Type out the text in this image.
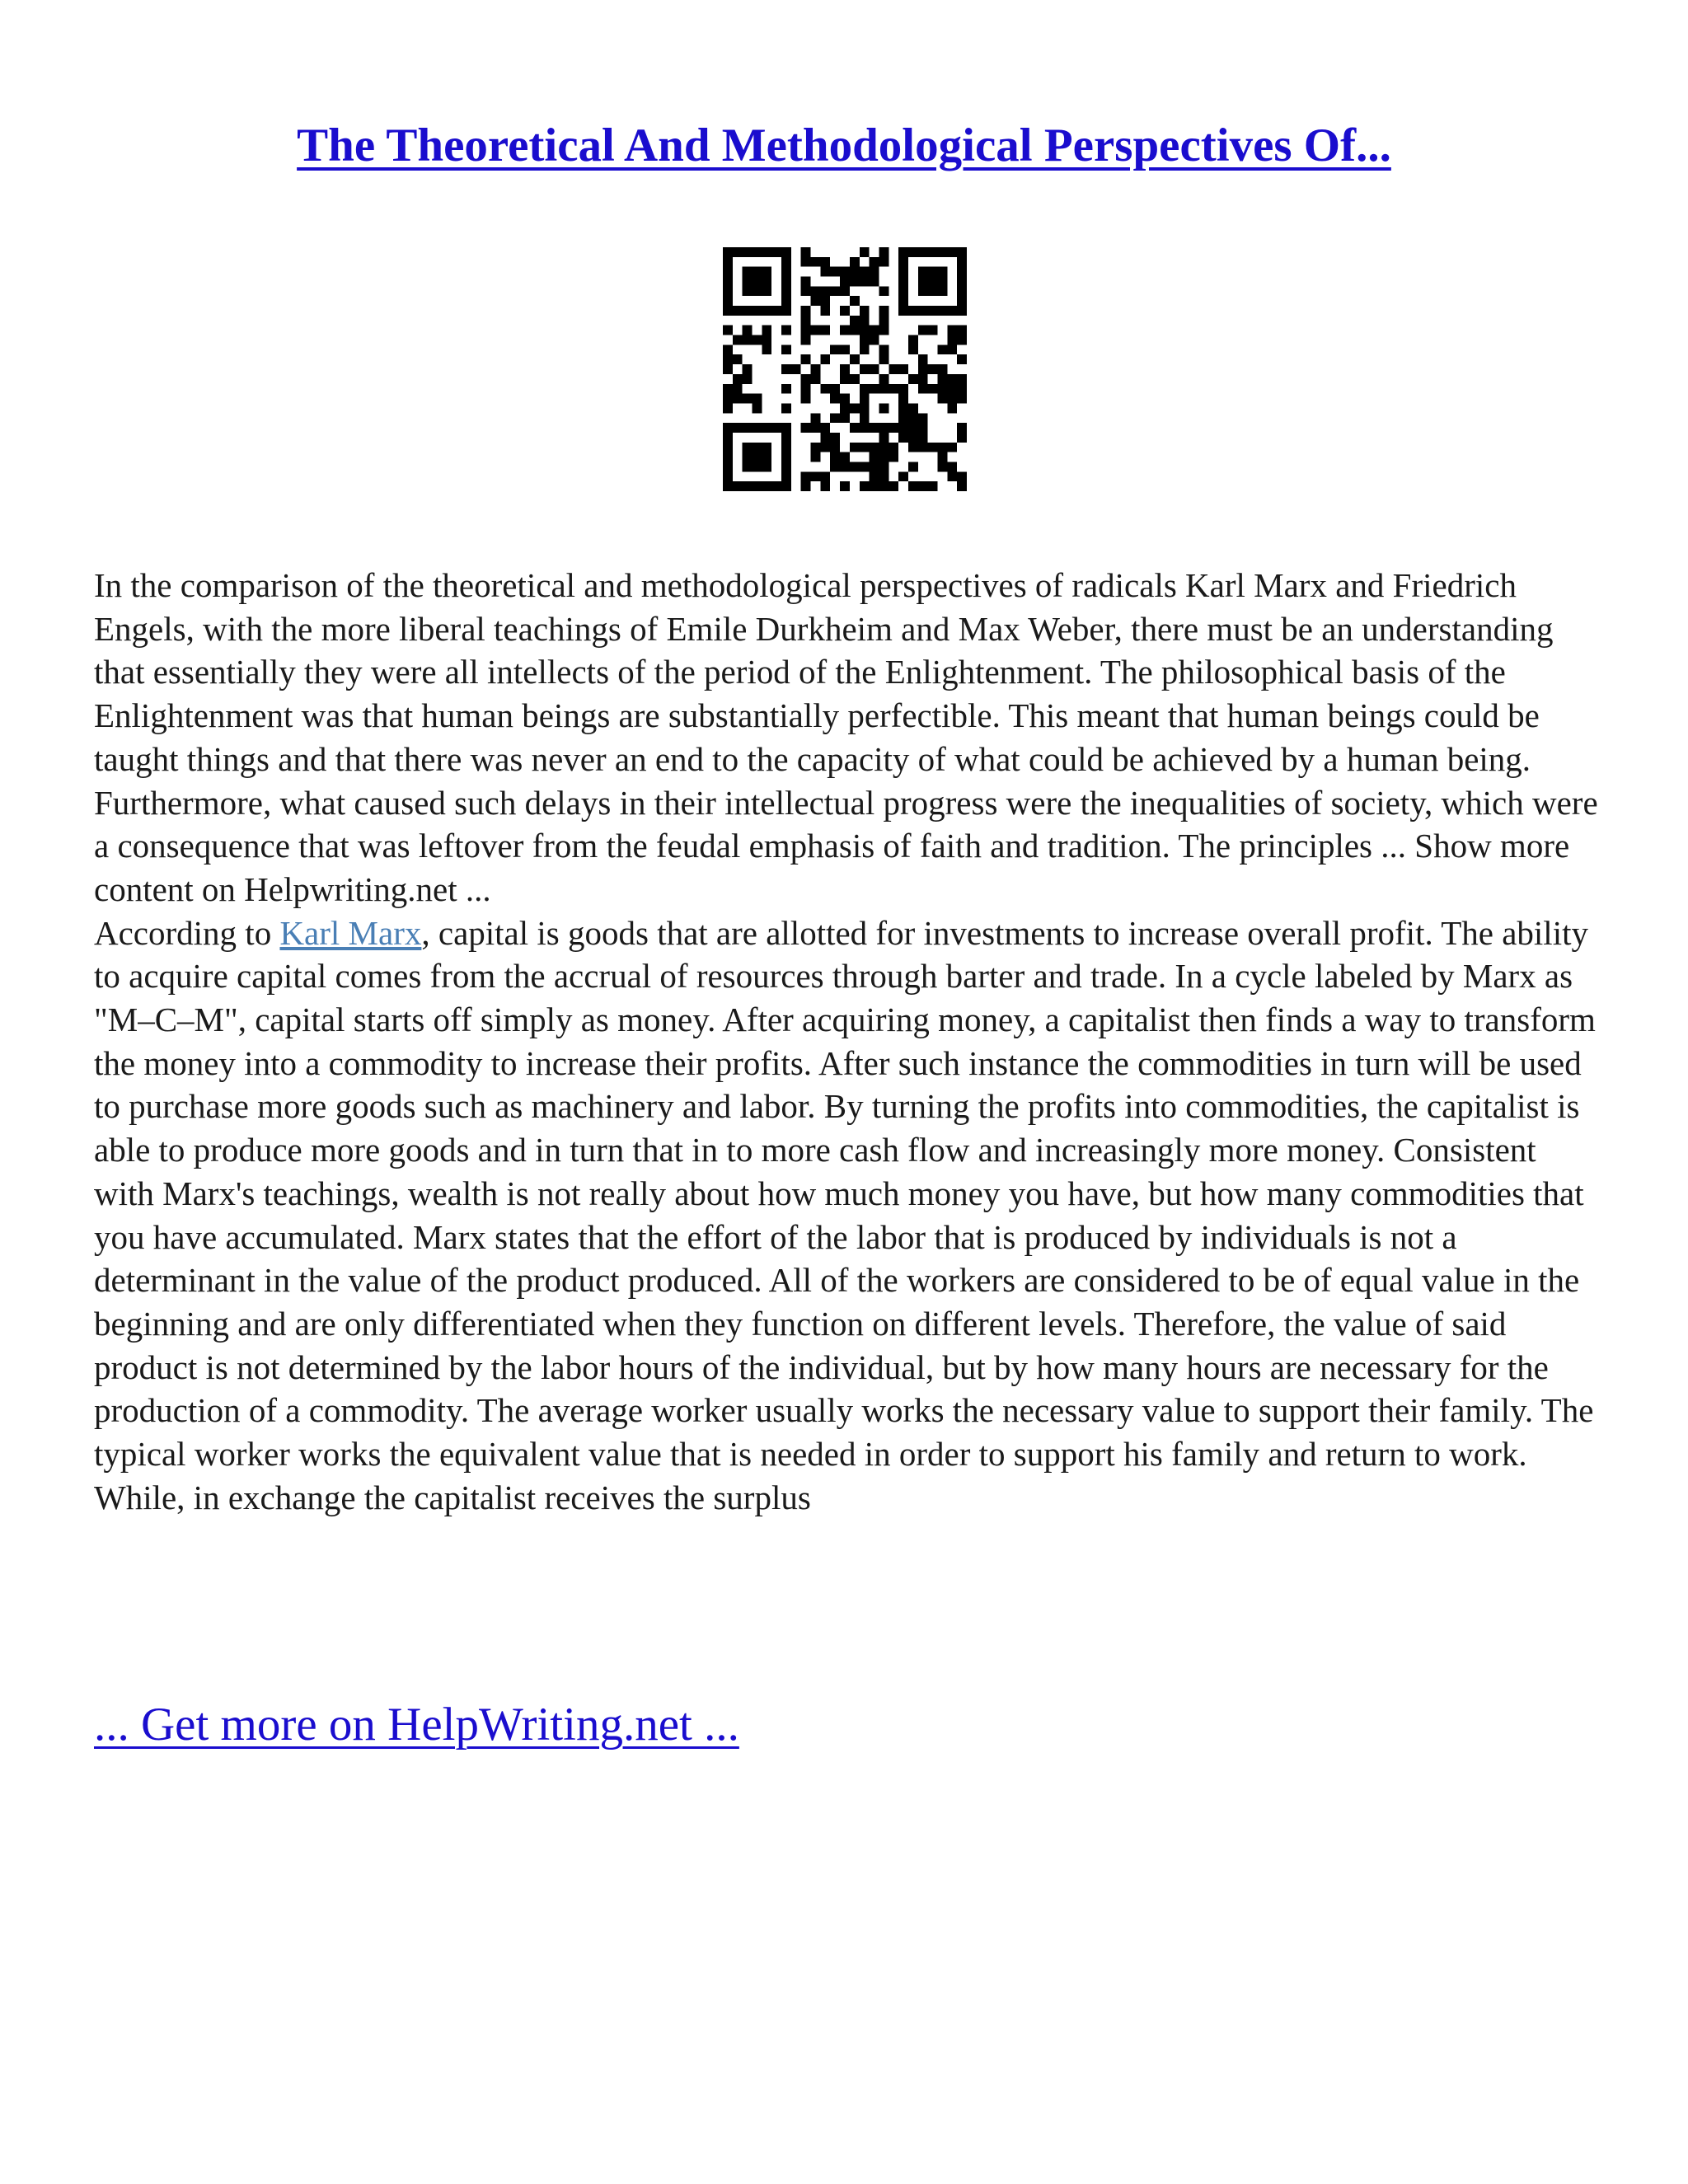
The Theoretical And Methodological Perspectives Of...

In the comparison of the theoretical and methodological perspectives of radicals Karl Marx and Friedrich Engels, with the more liberal teachings of Emile Durkheim and Max Weber, there must be an understanding that essentially they were all intellects of the period of the Enlightenment. The philosophical basis of the Enlightenment was that human beings are substantially perfectible. This meant that human beings could be taught things and that there was never an end to the capacity of what could be achieved by a human being. Furthermore, what caused such delays in their intellectual progress were the inequalities of society, which were a consequence that was leftover from the feudal emphasis of faith and tradition. The principles ... Show more content on Helpwriting.net ...

According to Karl Marx, capital is goods that are allotted for investments to increase overall profit. The ability to acquire capital comes from the accrual of resources through barter and trade. In a cycle labeled by Marx as "M–C–M", capital starts off simply as money. After acquiring money, a capitalist then finds a way to transform the money into a commodity to increase their profits. After such instance the commodities in turn will be used to purchase more goods such as machinery and labor. By turning the profits into commodities, the capitalist is able to produce more goods and in turn that in to more cash flow and increasingly more money. Consistent with Marx's teachings, wealth is not really about how much money you have, but how many commodities that you have accumulated. Marx states that the effort of the labor that is produced by individuals is not a determinant in the value of the product produced. All of the workers are considered to be of equal value in the beginning and are only differentiated when they function on different levels. Therefore, the value of said product is not determined by the labor hours of the individual, but by how many hours are necessary for the production of a commodity. The average worker usually works the necessary value to support their family. The typical worker works the equivalent value that is needed in order to support his family and return to work. While, in exchange the capitalist receives the surplus

... Get more on HelpWriting.net ...
